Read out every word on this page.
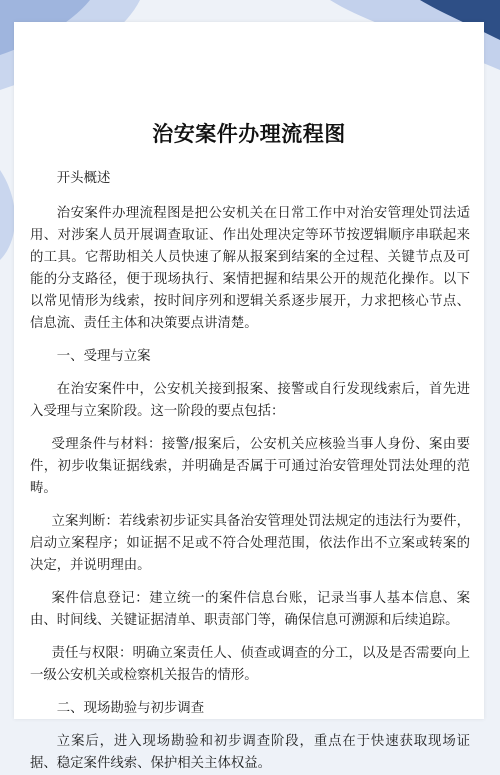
治安案件办理流程图

开头概述

治安案件办理流程图是把公安机关在日常工作中对治安管理处罚法适用、对涉案人员开展调查取证、作出处理决定等环节按逻辑顺序串联起来的工具。它帮助相关人员快速了解从报案到结案的全过程、关键节点及可能的分支路径，便于现场执行、案情把握和结果公开的规范化操作。以下以常见情形为线索，按时间序列和逻辑关系逐步展开，力求把核心节点、信息流、责任主体和决策要点讲清楚。

一、受理与立案

在治安案件中，公安机关接到报案、接警或自行发现线索后，首先进入受理与立案阶段。这一阶段的要点包括：

受理条件与材料：接警/报案后，公安机关应核验当事人身份、案由要件，初步收集证据线索，并明确是否属于可通过治安管理处罚法处理的范畴。

立案判断：若线索初步证实具备治安管理处罚法规定的违法行为要件，启动立案程序；如证据不足或不符合处理范围，依法作出不立案或转案的决定，并说明理由。

案件信息登记：建立统一的案件信息台账，记录当事人基本信息、案由、时间线、关键证据清单、职责部门等，确保信息可溯源和后续追踪。

责任与权限：明确立案责任人、侦查或调查的分工，以及是否需要向上一级公安机关或检察机关报告的情形。

二、现场勘验与初步调查

立案后，进入现场勘验和初步调查阶段，重点在于快速获取现场证据、稳定案件线索、保护相关主体权益。
